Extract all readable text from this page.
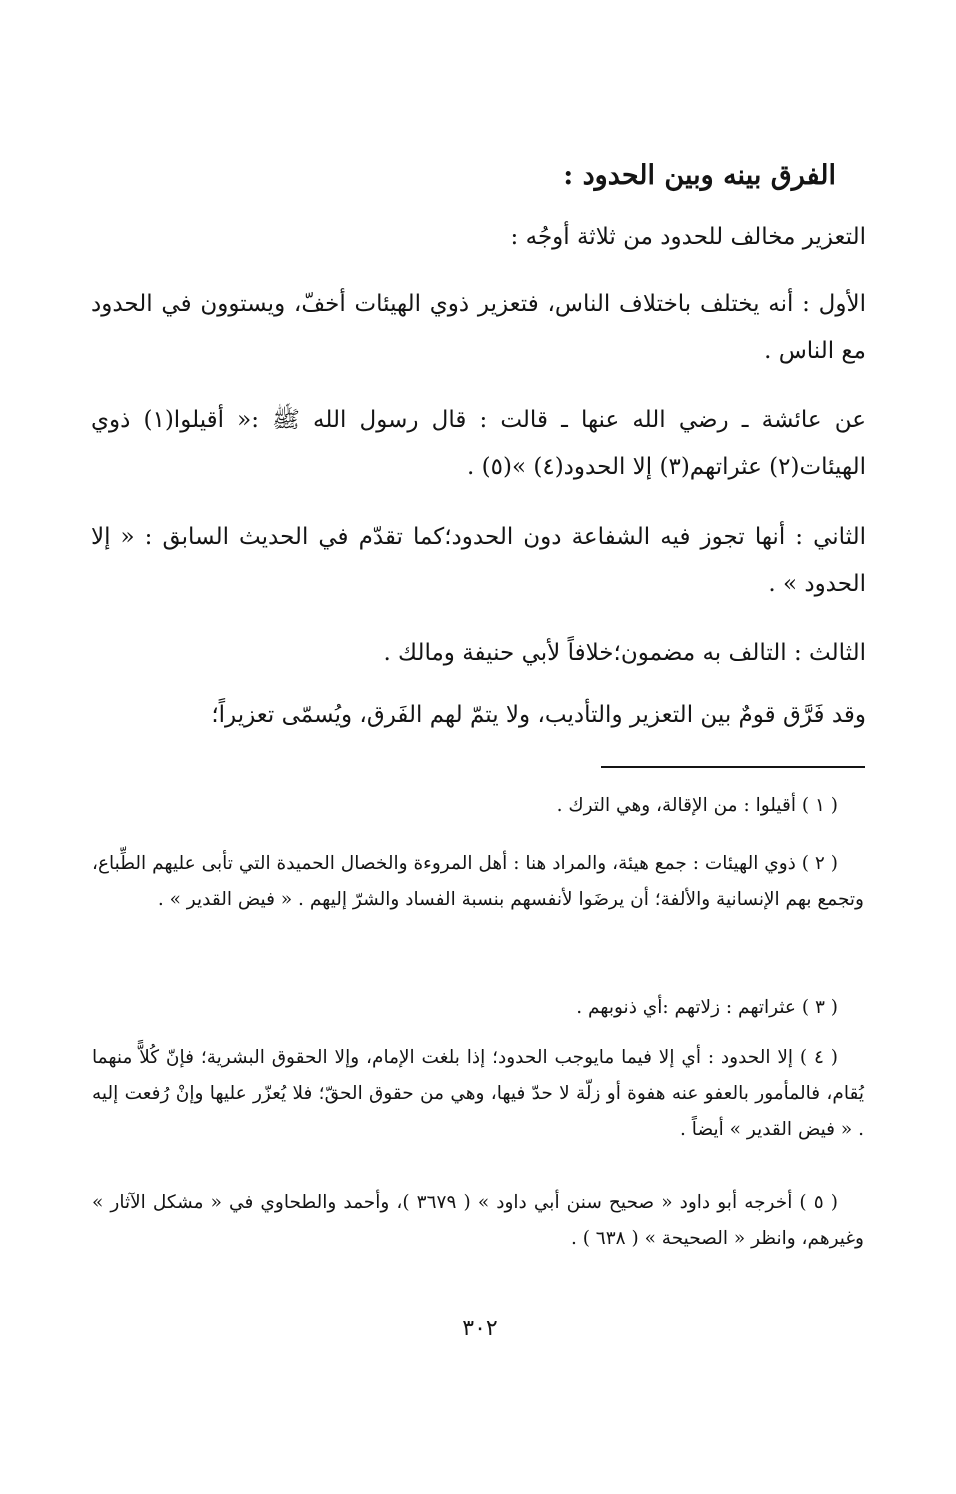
الفرق بينه وبين الحدود :

التعزير مخالف للحدود من ثلاثة أوجُه :

الأول : أنه يختلف باختلاف الناس، فتعزير ذوي الهيئات أخفّ، ويستوون في الحدود مع الناس .

عن عائشة ـ رضي الله عنها ـ قالت : قال رسول الله ﷺ :« أقيلوا(١) ذوي الهيئات(٢) عثراتهم(٣) إلا الحدود(٤) »(٥) .

الثاني : أنها تجوز فيه الشفاعة دون الحدود؛كما تقدّم في الحديث السابق : « إلا الحدود » .

الثالث : التالف به مضمون؛خلافاً لأبي حنيفة ومالك .

وقد فَرَّق قومٌ بين التعزير والتأديب، ولا يتمّ لهم الفَرق، ويُسمّى تعزيراً؛

( ١ ) أقيلوا : من الإقالة، وهي الترك .

( ٢ ) ذوي الهيئات : جمع هيئة، والمراد هنا : أهل المروءة والخصال الحميدة التي تأبى عليهم الطِّباع، وتجمع بهم الإنسانية والألفة؛ أن يرضَوا لأنفسهم بنسبة الفساد والشرّ إليهم . « فيض القدير » .

( ٣ ) عثراتهم : زلاتهم :أي ذنوبهم .

( ٤ ) إلا الحدود : أي إلا فيما مايوجب الحدود؛ إذا بلغت الإمام، وإلا الحقوق البشرية؛ فإنّ كُلاًّ منهما يُقام، فالمأمور بالعفو عنه هفوة أو زلّة لا حدّ فيها، وهي من حقوق الحقّ؛ فلا يُعزّر عليها وإنْ رُفعت إليه . « فيض القدير » أيضاً .

( ٥ ) أخرجه أبو داود « صحيح سنن أبي داود » ( ٣٦٧٩ )، وأحمد والطحاوي في « مشكل الآثار » وغيرهم، وانظر « الصحيحة » ( ٦٣٨ ) .

٣٠٢
